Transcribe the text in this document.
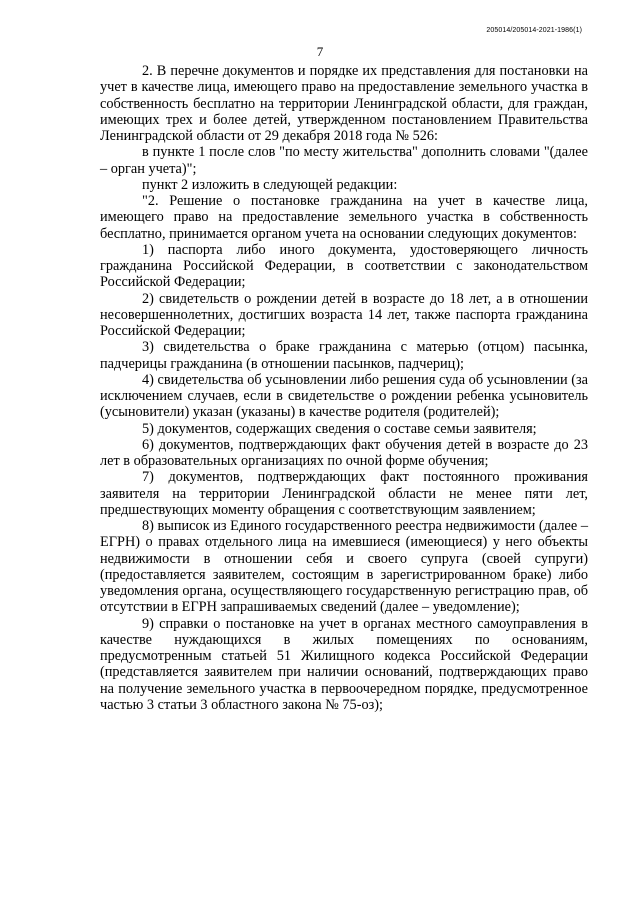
205014/205014-2021-1986(1)
7

2. В перечне документов и порядке их представления для постановки на учет в качестве лица, имеющего право на предоставление земельного участка в собственность бесплатно на территории Ленинградской области, для граждан, имеющих трех и более детей, утвержденном постановлением Правительства Ленинградской области от 29 декабря 2018 года № 526:

в пункте 1 после слов "по месту жительства" дополнить словами "(далее – орган учета)";

пункт 2 изложить в следующей редакции:

"2. Решение о постановке гражданина на учет в качестве лица, имеющего право на предоставление земельного участка в собственность бесплатно, принимается органом учета на основании следующих документов:

1) паспорта либо иного документа, удостоверяющего личность гражданина Российской Федерации, в соответствии с законодательством Российской Федерации;

2) свидетельств о рождении детей в возрасте до 18 лет, а в отношении несовершеннолетних, достигших возраста 14 лет, также паспорта гражданина Российской Федерации;

3) свидетельства о браке гражданина с матерью (отцом) пасынка, падчерицы гражданина (в отношении пасынков, падчериц);

4) свидетельства об усыновлении либо решения суда об усыновлении (за исключением случаев, если в свидетельстве о рождении ребенка усыновитель (усыновители) указан (указаны) в качестве родителя (родителей);

5) документов, содержащих сведения о составе семьи заявителя;

6) документов, подтверждающих факт обучения детей в возрасте до 23 лет в образовательных организациях по очной форме обучения;

7) документов, подтверждающих факт постоянного проживания заявителя на территории Ленинградской области не менее пяти лет, предшествующих моменту обращения с соответствующим заявлением;

8) выписок из Единого государственного реестра недвижимости (далее – ЕГРН) о правах отдельного лица на имевшиеся (имеющиеся) у него объекты недвижимости в отношении себя и своего супруга (своей супруги) (предоставляется заявителем, состоящим в зарегистрированном браке) либо уведомления органа, осуществляющего государственную регистрацию прав, об отсутствии в ЕГРН запрашиваемых сведений (далее – уведомление);

9) справки о постановке на учет в органах местного самоуправления в качестве нуждающихся в жилых помещениях по основаниям, предусмотренным статьей 51 Жилищного кодекса Российской Федерации (представляется заявителем при наличии оснований, подтверждающих право на получение земельного участка в первоочередном порядке, предусмотренное частью 3 статьи 3 областного закона № 75-оз);
